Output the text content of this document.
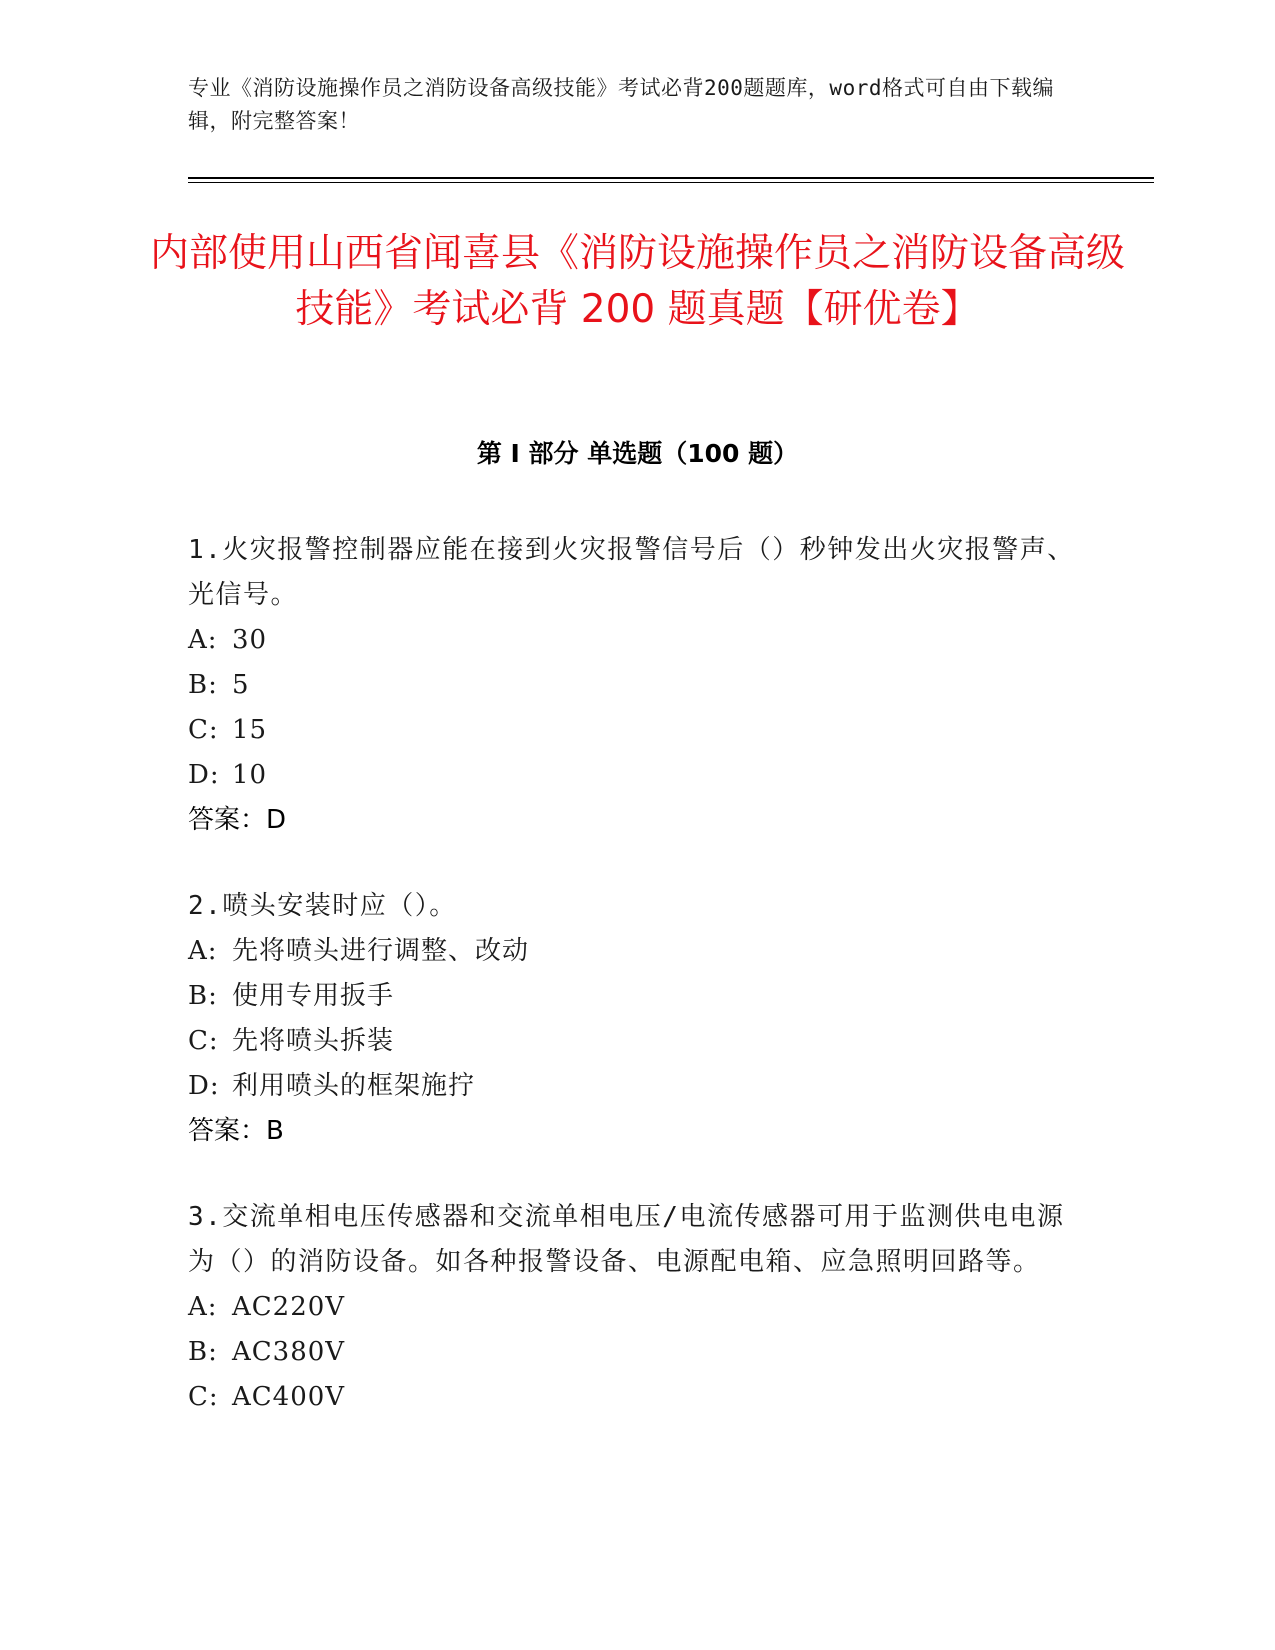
专业《消防设施操作员之消防设备高级技能》考试必背200题题库，word格式可自由下载编辑，附完整答案！
内部使用山西省闻喜县《消防设施操作员之消防设备高级技能》考试必背 200 题真题【研优卷】
第 I 部分 单选题（100 题）

1.火灾报警控制器应能在接到火灾报警信号后（）秒钟发出火灾报警声、光信号。

A: 30

B: 5

C: 15

D: 10

答案：D

2.喷头安装时应（）。

A: 先将喷头进行调整、改动

B: 使用专用扳手

C: 先将喷头拆装

D: 利用喷头的框架施拧

答案：B

3.交流单相电压传感器和交流单相电压/电流传感器可用于监测供电电源为（）的消防设备。如各种报警设备、电源配电箱、应急照明回路等。

A: AC220V

B: AC380V

C: AC400V
